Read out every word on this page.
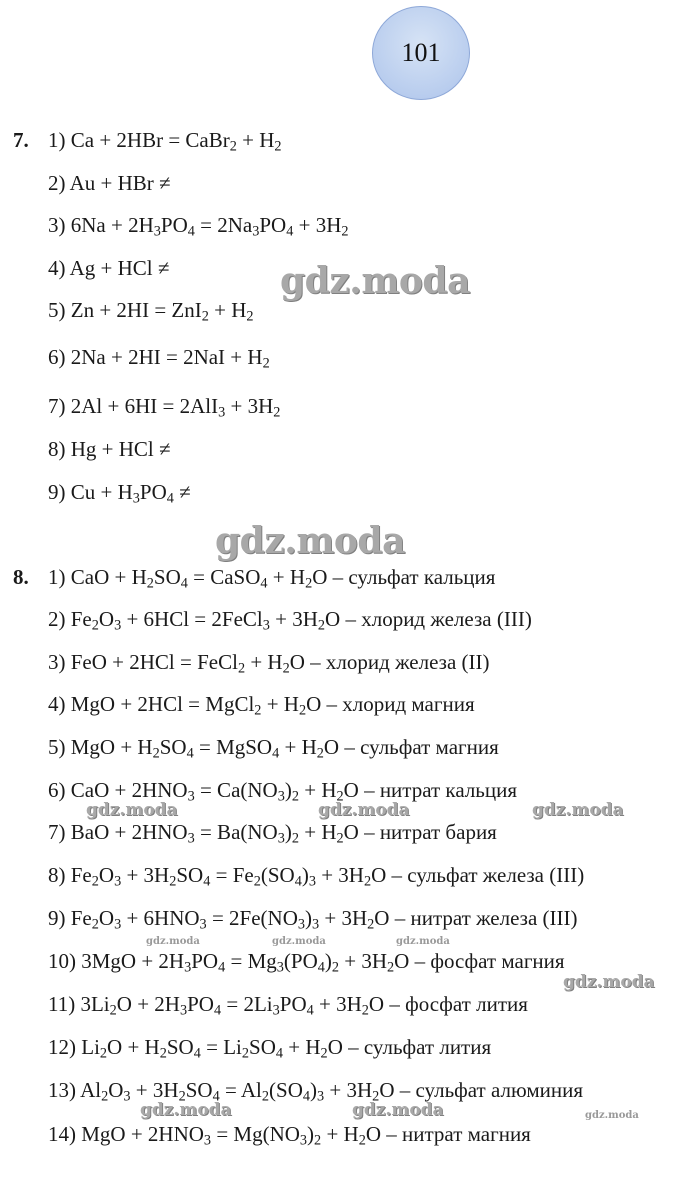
101
7. 1) Ca + 2HBr = CaBr$_2$ + $H_2$
2) Au + HBr ≠
3) $6Na + 2H_3PO_4 = 2Na_3PO_4 + 3H_2$
4) Ag + HCl ≠
5) $Zn + 2HI = ZnI_2 + H_2$
6) $2Na + 2HI = 2NaI + H_2$
7) $2Al + 6HI = 2AlI_3 + 3H_2$
8) Hg + HCl ≠
9) $Cu + H_3PO_4$ ≠
8. 1) CaO + $H_2SO_4$ = CaSO$_4$ + $H_2O$ – сульфат кальция
2) $Fe_2O_3 + 6HCl$ = 2FeCl$_3$ + $3H_2O$ – хлорид железа (III)
3) FeO + 2HCl = FeCl$_2$ + $H_2O$ – хлорид железа (II)
4) MgO + 2HCl = MgCl$_2$ + $H_2O$ – хлорид магния
5) MgO + $H_2SO_4$ = MgSO$_4$ + $H_2O$ – сульфат магния
6) CaO + $2HNO_3 = Ca(NO_3)_2 + H_2O$ – нитрат кальция
7) BaO + $2HNO_3 = Ba(NO_3)_2 + H_2O$ – нитрат бария
8) $Fe_2O_3 + 3H_2SO_4 = Fe_2(SO_4)_3 + 3H_2O$ – сульфат железа (III)
9) $Fe_2O_3 + 6HNO_3 = 2Fe(NO_3)_3 + 3H_2O$ – нитрат железа (III)
10) $3MgO + 2H_3PO_4 = Mg_3(PO_4)_2 + 3H_2O$ – фосфат магния
11) $3Li_2O + 2H_3PO_4 = 2Li_3PO_4 + 3H_2O$ – фосфат лития
12) $Li_2O + H_2SO_4 = Li_2SO_4 + H_2O$ – сульфат лития
13) $Al_2O_3 + 3H_2SO_4 = Al_2(SO_4)_3 + 3H_2O$ – сульфат алюминия
14) MgO + $2HNO_3 = Mg(NO_3)_2 + H_2O$ – нитрат магния
gdz.moda
gdz.moda
gdz.moda	gdz.moda	gdz.moda
gdz.moda	gdz.moda	gdz.moda
gdz.moda
gdz.moda	gdz.moda	gdz.moda
